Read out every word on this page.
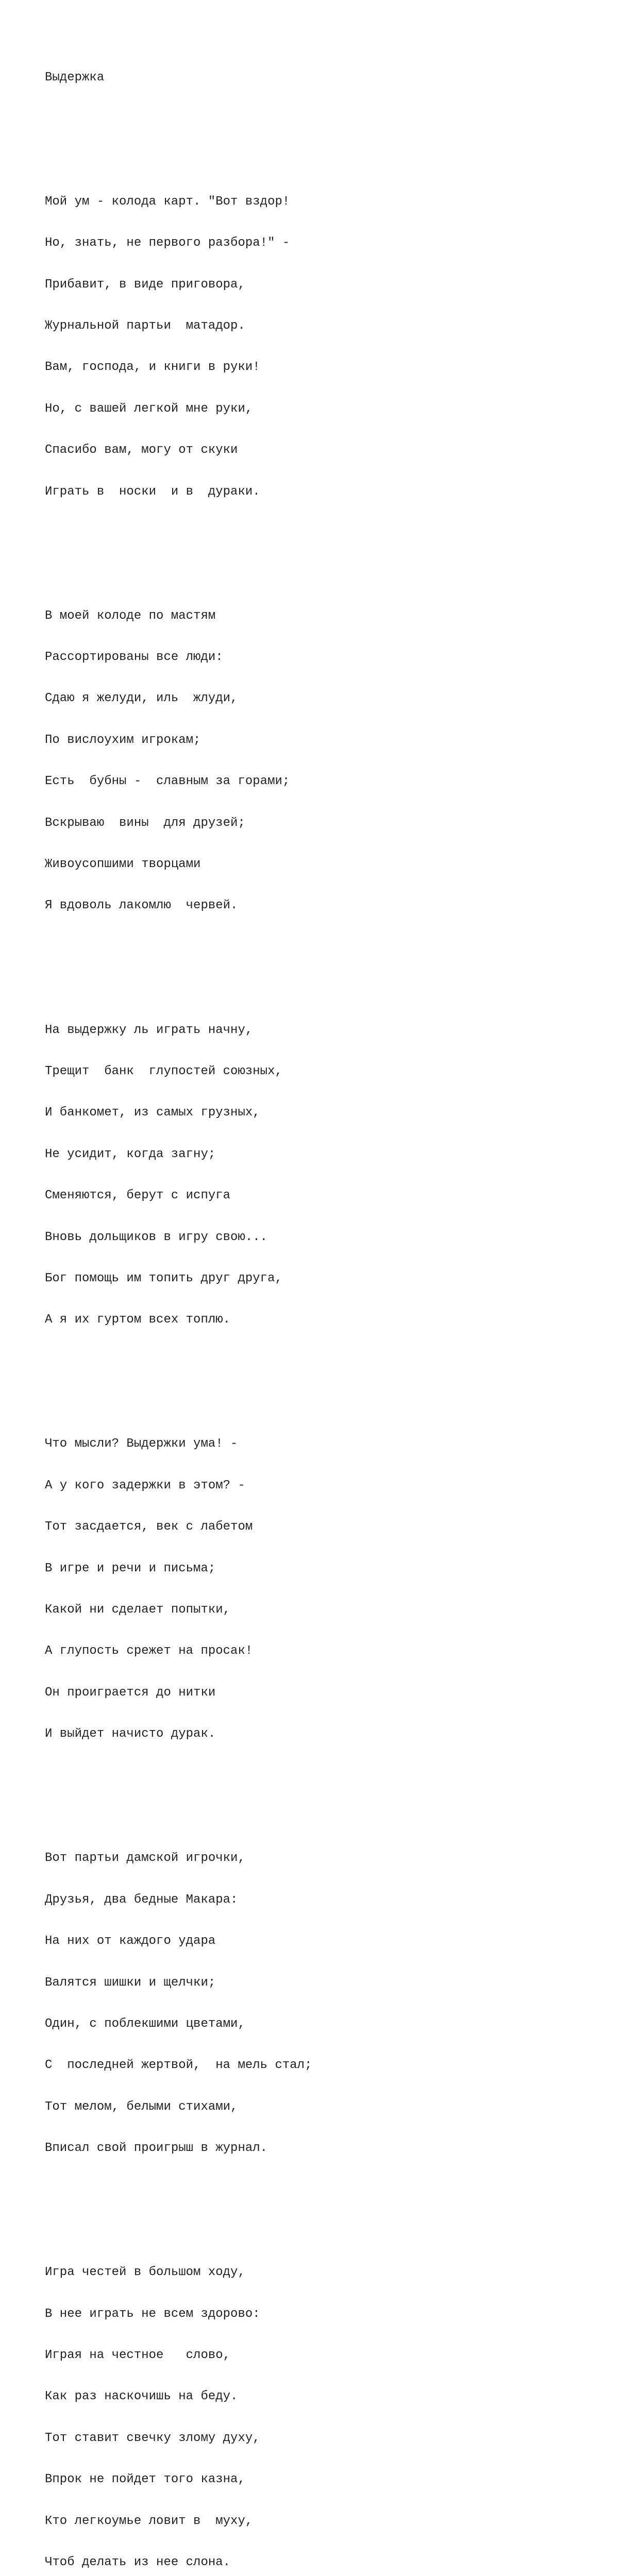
Выдержка

Мой ум - колода карт. "Вот вздор!

Но, знать, не первого разбора!" -

Прибавит, в виде приговора,

Журнальной партьи  матадор.

Вам, господа, и книги в руки!

Но, с вашей легкой мне руки,

Спасибо вам, могу от скуки

Играть в  носки  и в  дураки.

В моей колоде по мастям

Рассортированы все люди:

Сдаю я желуди, иль  жлуди,

По вислоухим игрокам;

Есть  бубны -  славным за горами;

Вскрываю  вины  для друзей;

Живоусопшими творцами

Я вдоволь лакомлю  червей.

На выдержку ль играть начну,

Трещит  банк  глупостей союзных,

И банкомет, из самых грузных,

Не усидит, когда загну;

Сменяются, берут с испуга

Вновь дольщиков в игру свою...

Бог помощь им топить друг друга,

А я их гуртом всех топлю.

Что мысли? Выдержки ума! -

А у кого задержки в этом? -

Тот засдается, век с лабетом

В игре и речи и письма;

Какой ни сделает попытки,

А глупость срежет на просак!

Он проиграется до нитки

И выйдет начисто дурак.

Вот партьи дамской игрочки,

Друзья, два бедные Макара:

На них от каждого удара

Валятся шишки и щелчки;

Один, с поблекшими цветами,

С  последней жертвой,  на мель стал;

Тот мелом, белыми стихами,

Вписал свой проигрыш в журнал.

Игра честей в большом ходу,

В нее играть не всем здорово:

Играя на честное   слово,

Как раз наскочишь на беду.

Тот ставит свечку злому духу,

Впрок не пойдет того казна,

Кто легкоумье ловит в  муху,

Чтоб делать из нее слона.
